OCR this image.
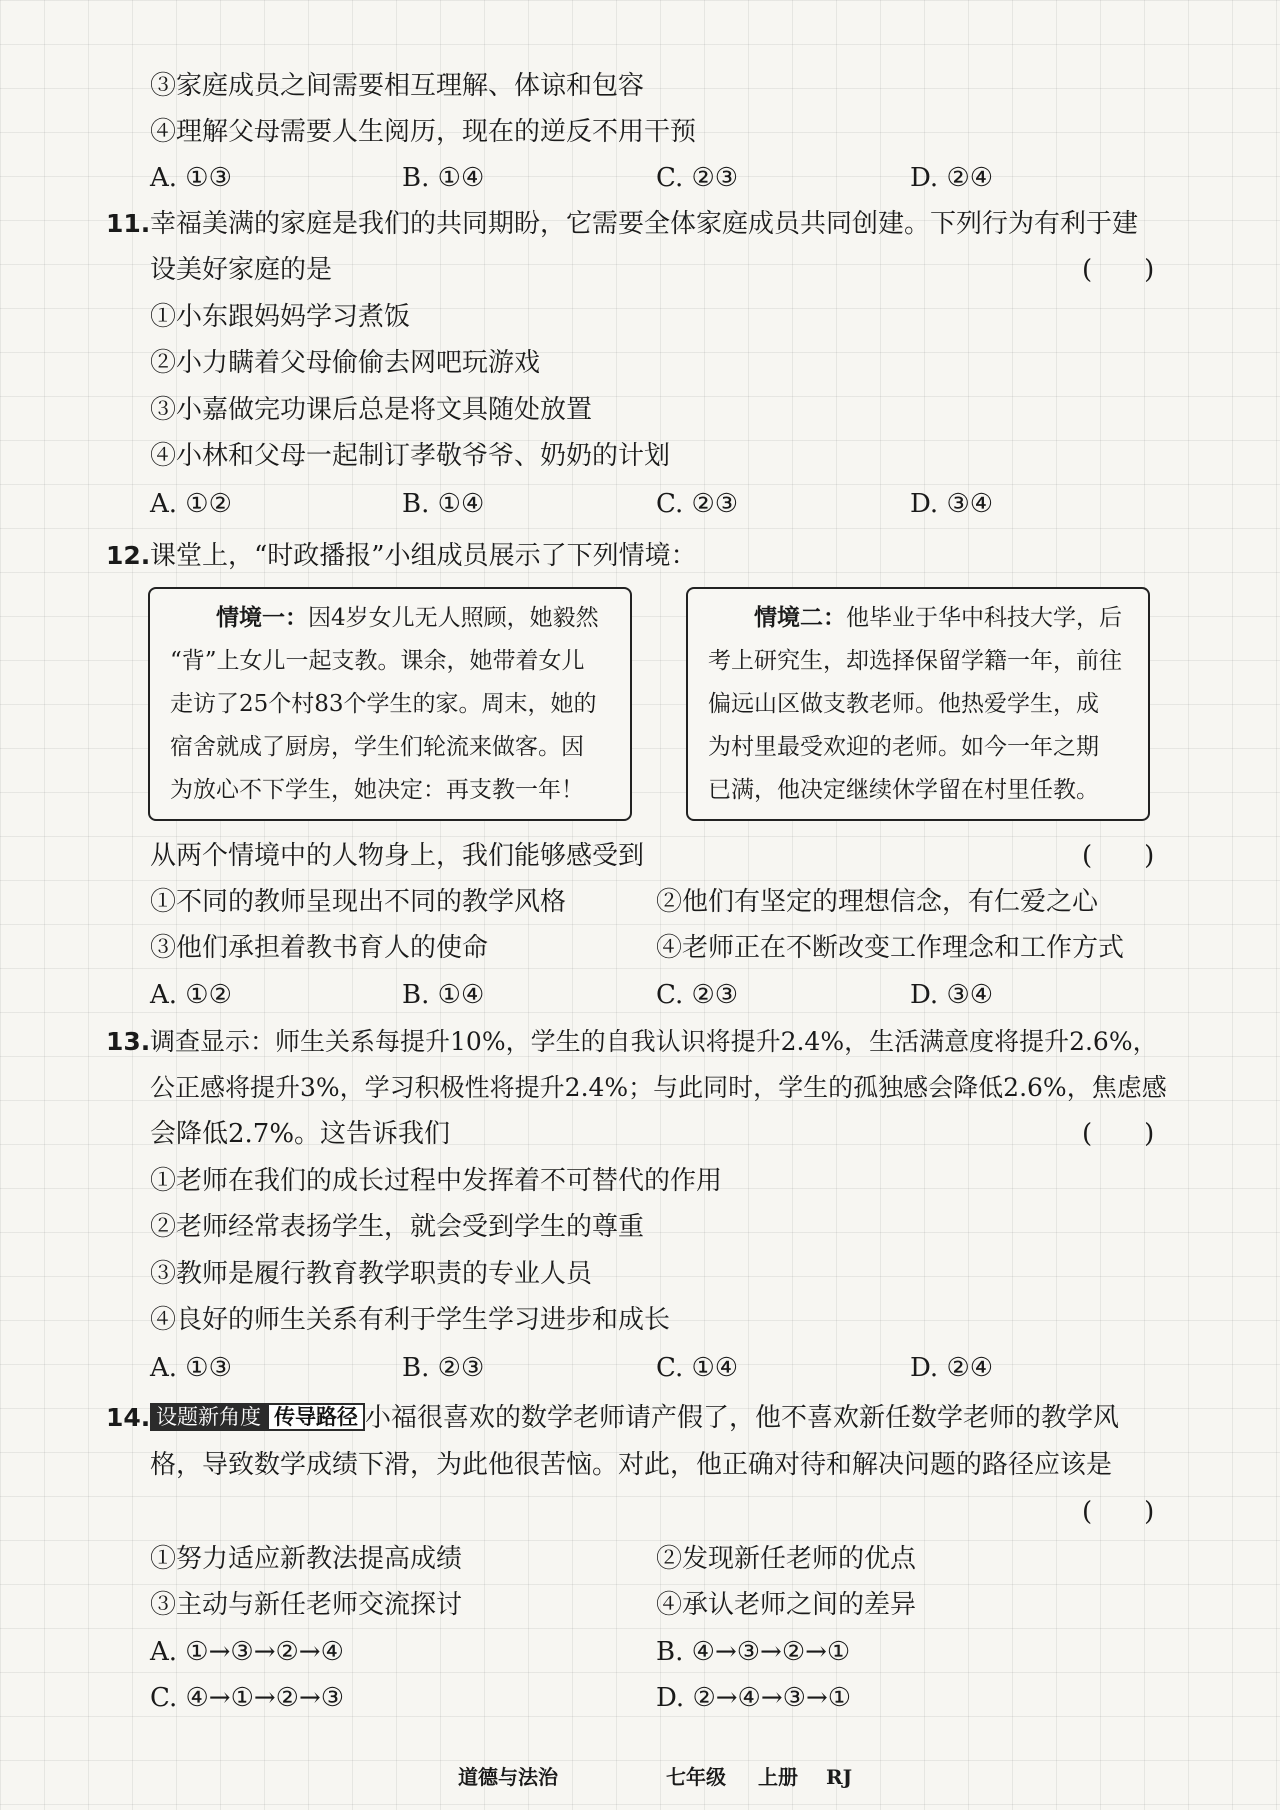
③家庭成员之间需要相互理解、体谅和包容
④理解父母需要人生阅历，现在的逆反不用干预
A. ①③	B. ①④	C. ②③	D. ②④
11. 幸福美满的家庭是我们的共同期盼，它需要全体家庭成员共同创建。下列行为有利于建
设美好家庭的是	(　　)
①小东跟妈妈学习煮饭
②小力瞒着父母偷偷去网吧玩游戏
③小嘉做完功课后总是将文具随处放置
④小林和父母一起制订孝敬爷爷、奶奶的计划
A. ①②	B. ①④	C. ②③	D. ③④
12. 课堂上，“时政播报”小组成员展示了下列情境：
情境一：因4岁女儿无人照顾，她毅然
“背”上女儿一起支教。课余，她带着女儿
走访了25个村83个学生的家。周末，她的
宿舍就成了厨房，学生们轮流来做客。因
为放心不下学生，她决定：再支教一年！
情境二：他毕业于华中科技大学，后
考上研究生，却选择保留学籍一年，前往
偏远山区做支教老师。他热爱学生，成
为村里最受欢迎的老师。如今一年之期
已满，他决定继续休学留在村里任教。
从两个情境中的人物身上，我们能够感受到	(　　)
①不同的教师呈现出不同的教学风格	②他们有坚定的理想信念，有仁爱之心
③他们承担着教书育人的使命	④老师正在不断改变工作理念和工作方式
A. ①②	B. ①④	C. ②③	D. ③④
13. 调查显示：师生关系每提升10%，学生的自我认识将提升2.4%，生活满意度将提升2.6%，
公正感将提升3%，学习积极性将提升2.4%；与此同时，学生的孤独感会降低2.6%，焦虑感
会降低2.7%。这告诉我们	(　　)
①老师在我们的成长过程中发挥着不可替代的作用
②老师经常表扬学生，就会受到学生的尊重
③教师是履行教育教学职责的专业人员
④良好的师生关系有利于学生学习进步和成长
A. ①③	B. ②③	C. ①④	D. ②④
14. 设题新角度 传导路径 小福很喜欢的数学老师请产假了，他不喜欢新任数学老师的教学风
格，导致数学成绩下滑，为此他很苦恼。对此，他正确对待和解决问题的路径应该是
(　　)
①努力适应新教法提高成绩	②发现新任老师的优点
③主动与新任老师交流探讨	④承认老师之间的差异
A. ①→③→②→④	B. ④→③→②→①
C. ④→①→②→③	D. ②→④→③→①
道德与法治	七年级 上册 RJ
